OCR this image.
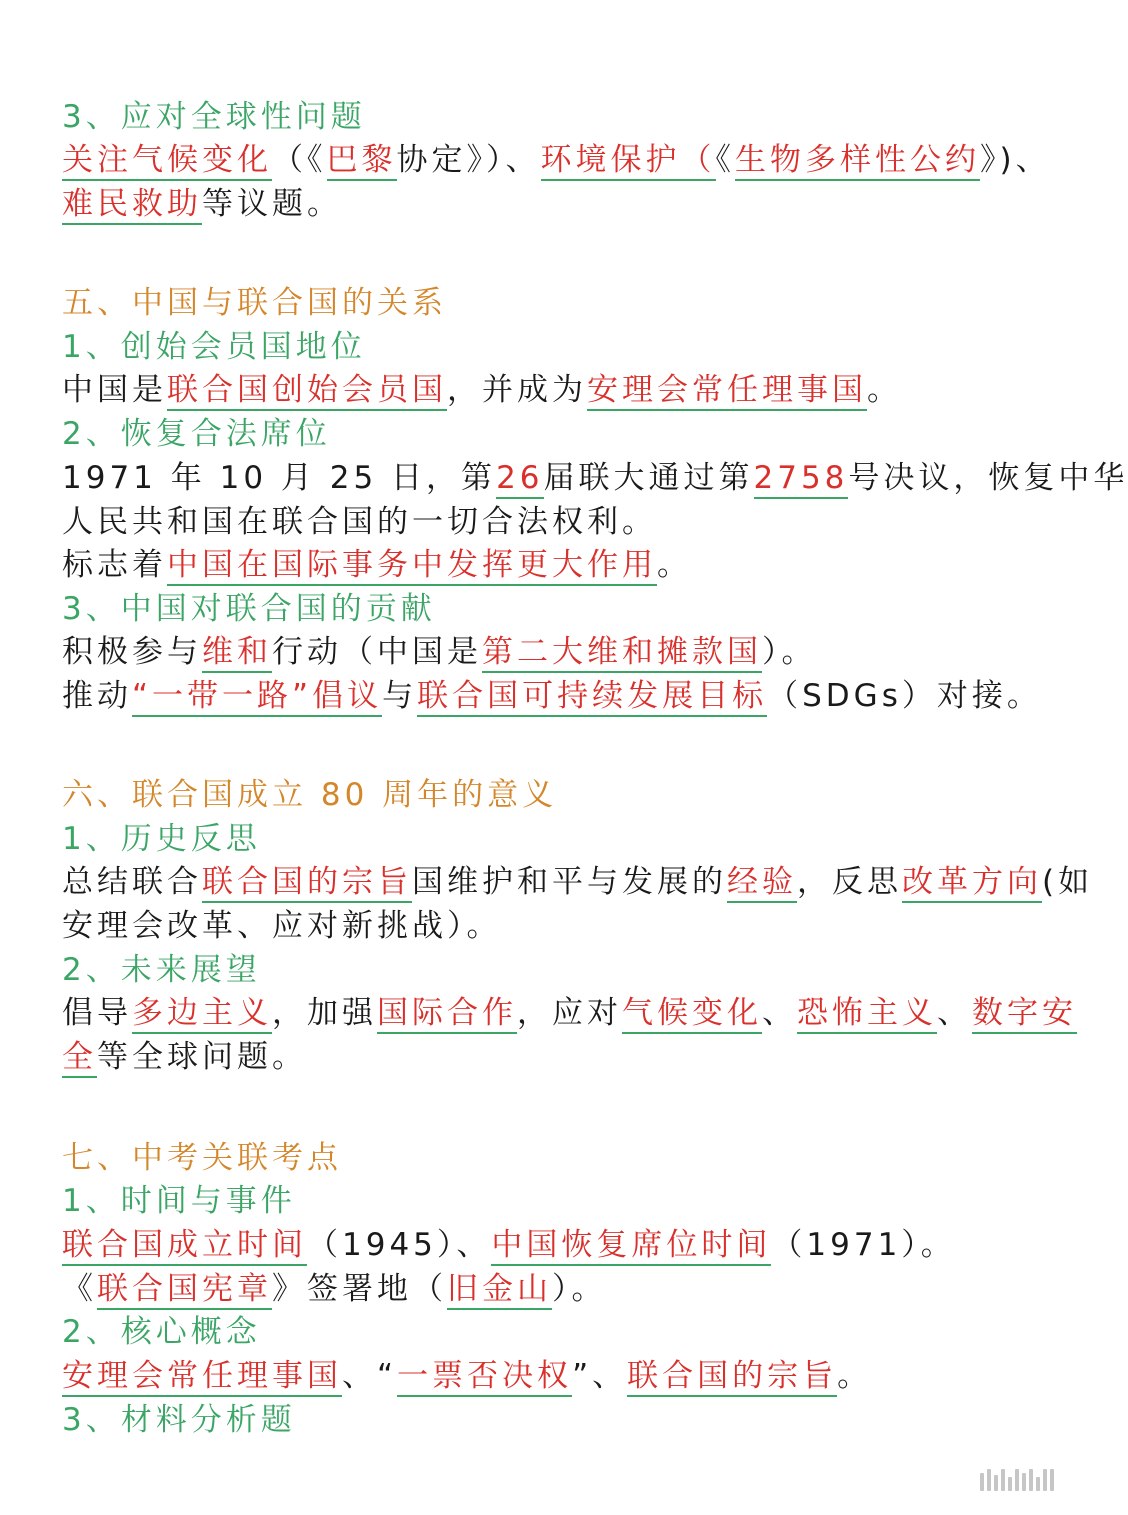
3、应对全球性问题
关注气候变化（《巴黎协定》）、环境保护（《生物多样性公约》)、
难民救助等议题。
五、中国与联合国的关系
1、创始会员国地位
中国是联合国创始会员国，并成为安理会常任理事国。
2、恢复合法席位
1971 年 10 月 25 日，第26届联大通过第2758号决议，恢复中华
人民共和国在联合国的一切合法权利。
标志着中国在国际事务中发挥更大作用。
3、中国对联合国的贡献
积极参与维和行动（中国是第二大维和摊款国）。
推动“一带一路”倡议与联合国可持续发展目标（SDGs）对接。
六、联合国成立 80 周年的意义
1、历史反思
总结联合联合国的宗旨国维护和平与发展的经验，反思改革方向(如
安理会改革、应对新挑战）。
2、未来展望
倡导多边主义，加强国际合作，应对气候变化、恐怖主义、数字安
全等全球问题。
七、中考关联考点
1、时间与事件
联合国成立时间（1945）、中国恢复席位时间（1971）。
《联合国宪章》签署地（旧金山）。
2、核心概念
安理会常任理事国、“一票否决权”、联合国的宗旨。
3、材料分析题
